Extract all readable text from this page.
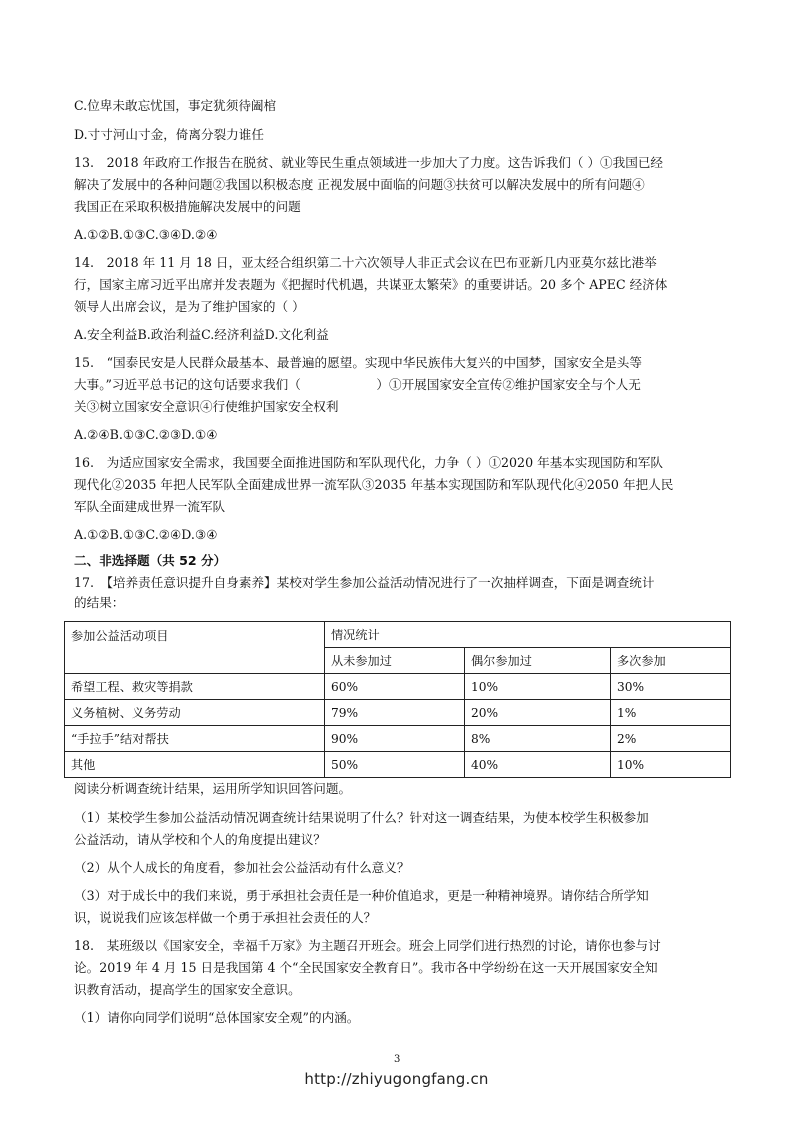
C.位卑未敢忘忧国，事定犹须待阖棺
D.寸寸河山寸金，倚离分裂力谁任
13.　2018 年政府工作报告在脱贫、就业等民生重点领域进一步加大了力度。这告诉我们（ ）①我国已经
解决了发展中的各种问题②我国以积极态度 正视发展中面临的问题③扶贫可以解决发展中的所有问题④
我国正在采取积极措施解决发展中的问题
A.①②B.①③C.③④D.②④
14.　2018 年 11 月 18 日，亚太经合组织第二十六次领导人非正式会议在巴布亚新几内亚莫尔兹比港举
行，国家主席习近平出席并发表题为《把握时代机遇，共谋亚太繁荣》的重要讲话。20 多个 APEC 经济体
领导人出席会议，是为了维护国家的（ ）
A.安全利益B.政治利益C.经济利益D.文化利益
15.　“国泰民安是人民群众最基本、最普遍的愿望。实现中华民族伟大复兴的中国梦，国家安全是头等
大事。”习近平总书记的这句话要求我们（　　　　　　）①开展国家安全宣传②维护国家安全与个人无
关③树立国家安全意识④行使维护国家安全权利
A.②④B.①③C.②③D.①④
16.　为适应国家安全需求，我国要全面推进国防和军队现代化，力争（ ）①2020 年基本实现国防和军队
现代化②2035 年把人民军队全面建成世界一流军队③2035 年基本实现国防和军队现代化④2050 年把人民
军队全面建成世界一流军队
A.①②B.①③C.②④D.③④
二、非选择题（共 52 分）
17.　【培养责任意识提升自身素养】某校对学生参加公益活动情况进行了一次抽样调查，下面是调查统计
的结果：
参加公益活动项目	情况统计		
	从未参加过	偶尔参加过	多次参加
希望工程、救灾等捐款	60%	10%	30%
义务植树、义务劳动	79%	20%	1%
“手拉手”结对帮扶	90%	8%	2%
其他	50%	40%	10%
阅读分析调查统计结果，运用所学知识回答问题。
（1）某校学生参加公益活动情况调查统计结果说明了什么？针对这一调查结果，为使本校学生积极参加
公益活动，请从学校和个人的角度提出建议？
（2）从个人成长的角度看，参加社会公益活动有什么意义？
（3）对于成长中的我们来说，勇于承担社会责任是一种价值追求，更是一种精神境界。请你结合所学知
识，说说我们应该怎样做一个勇于承担社会责任的人？
18.　某班级以《国家安全，幸福千万家》为主题召开班会。班会上同学们进行热烈的讨论，请你也参与讨
论。2019 年 4 月 15 日是我国第 4 个“全民国家安全教育日”。我市各中学纷纷在这一天开展国家安全知
识教育活动，提高学生的国家安全意识。
（1）请你向同学们说明“总体国家安全观”的内涵。
3
http://zhiyugongfang.cn
